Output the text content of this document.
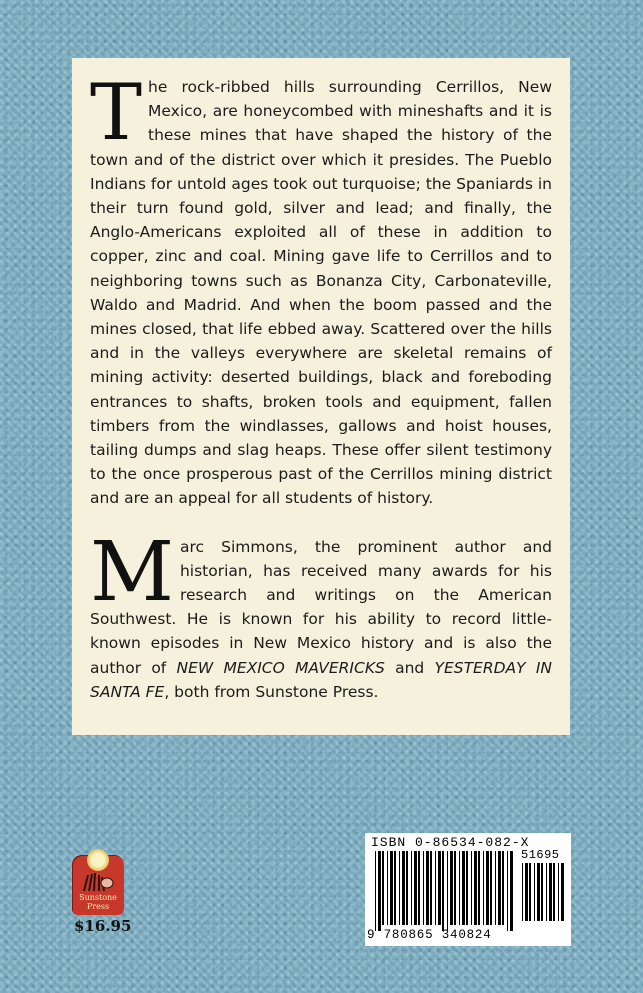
The rock-ribbed hills surrounding Cerrillos, New Mexico, are honeycombed with mineshafts and it is these mines that have shaped the history of the town and of the district over which it presides. The Pueblo Indians for untold ages took out turquoise; the Spaniards in their turn found gold, silver and lead; and finally, the Anglo-Americans exploited all of these in addition to copper, zinc and coal. Mining gave life to Cerrillos and to neighboring towns such as Bonanza City, Carbonateville, Waldo and Madrid. And when the boom passed and the mines closed, that life ebbed away. Scattered over the hills and in the valleys everywhere are skeletal remains of mining activity: deserted buildings, black and foreboding entrances to shafts, broken tools and equipment, fallen timbers from the windlasses, gallows and hoist houses, tailing dumps and slag heaps. These offer silent testimony to the once prosperous past of the Cerrillos mining district and are an appeal for all students of history.

Marc Simmons, the prominent author and historian, has received many awards for his research and writings on the American Southwest. He is known for his ability to record little-known episodes in New Mexico history and is also the author of NEW MEXICO MAVERICKS and YESTERDAY IN SANTA FE, both from Sunstone Press.

Sunstone
Press
$16.95
ISBN 0-86534-082-X
51695
9 780865 340824
